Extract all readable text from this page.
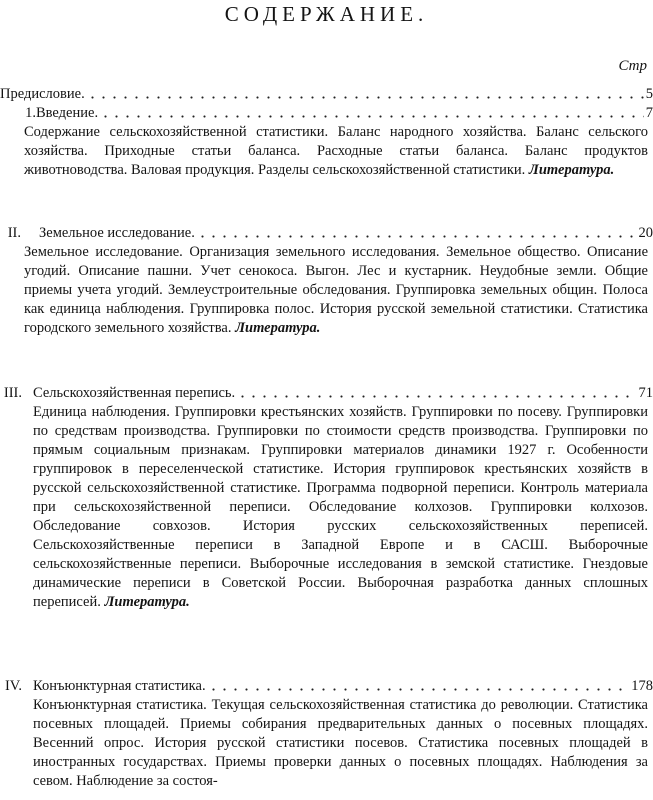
СОДЕРЖАНИЕ.
Стр
Предисловие.	5
1. Введение.	7
Содержание сельскохозяйственной статистики. Баланс народного хозяйства. Баланс сельского хозяйства. Приходные статьи баланса. Расходные статьи баланса. Баланс продуктов животноводства. Валовая продукция. Разделы сельскохозяйственной статистики. Литература.
II. Земельное исследование.	20
Земельное исследование. Организация земельного исследования. Земельное общество. Описание угодий. Описание пашни. Учет сенокоса. Выгон. Лес и кустарник. Неудобные земли. Общие приемы учета угодий. Землеустроительные обследования. Группировка земельных общин. Полоса как единица наблюдения. Группировка полос. История русской земельной статистики. Статистика городского земельного хозяйства. Литература.
III. Сельскохозяйственная перепись.	71
Единица наблюдения. Группировки крестьянских хозяйств. Группировки по посеву. Группировки по средствам производства. Группировки по стоимости средств производства. Группировки по прямым социальным признакам. Группировки материалов динамики 1927 г. Особенности группировок в переселенческой статистике. История группировок крестьянских хозяйств в русской сельскохозяйственной статистике. Программа подворной переписи. Контроль материала при сельскохозяйственной переписи. Обследование колхозов. Группировки колхозов. Обследование совхозов. История русских сельскохозяйственных переписей. Сельскохозяйственные переписи в Западной Европе и в САСШ. Выборочные сельскохозяйственные переписи. Выборочные исследования в земской статистике. Гнездовые динамические переписи в Советской России. Выборочная разработка данных сплошных переписей. Литература.
IV. Конъюнктурная статистика.	178
Конъюнктурная статистика. Текущая сельскохозяйственная статистика до революции. Статистика посевных площадей. Приемы собирания предварительных данных о посевных площадях. Весенний опрос. История русской статистики посевов. Статистика посевных площадей в иностранных государствах. Приемы проверки данных о посевных площадях. Наблюдения за севом. Наблюдение за состоя-
